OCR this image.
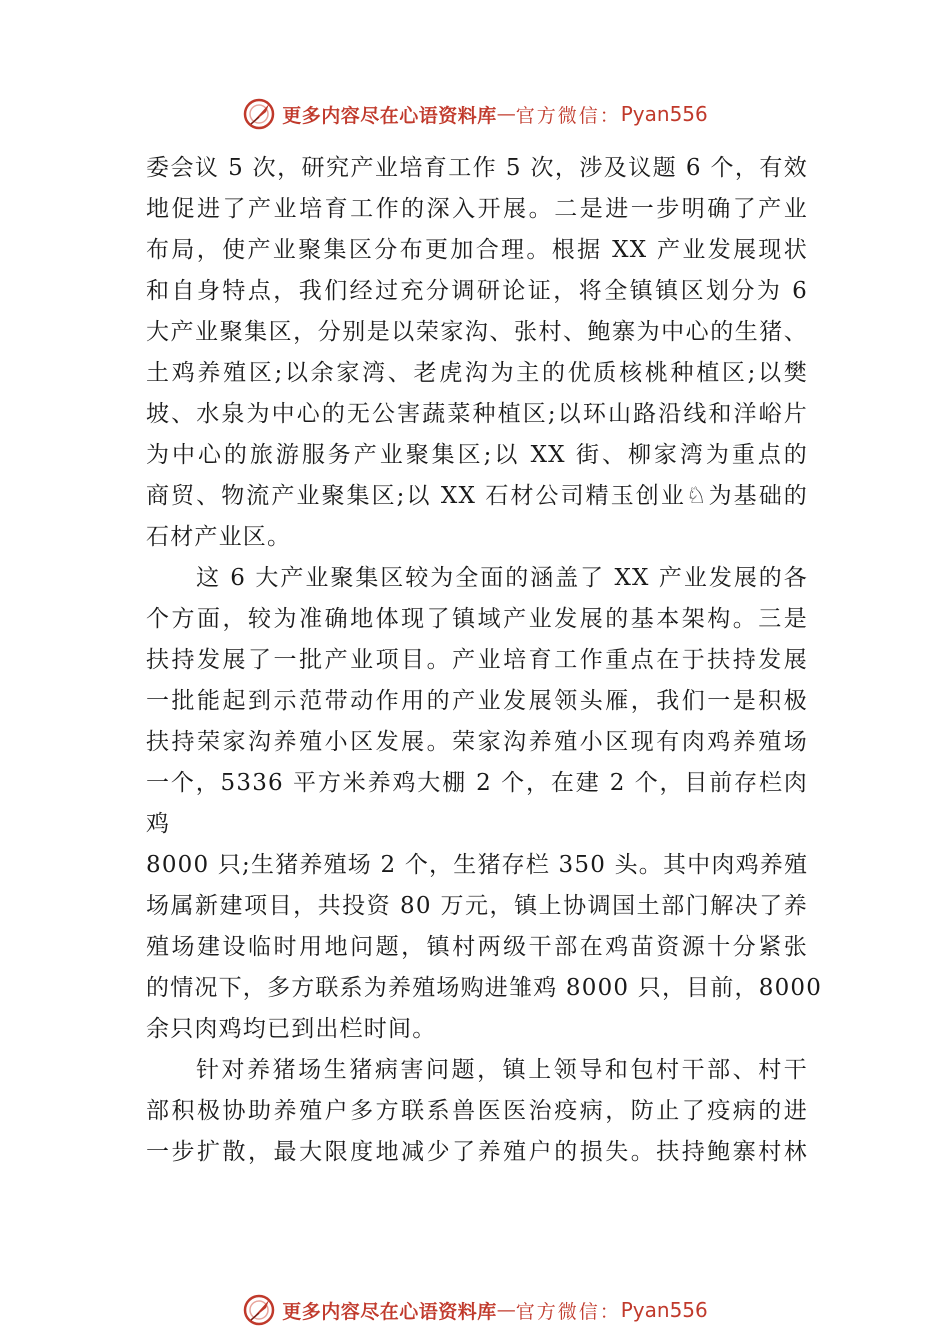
更多内容尽在心语资料库 — 官方微信： Pyan556
委会议 5 次，研究产业培育工作 5 次，涉及议题 6 个，有效
地促进了产业培育工作的深入开展。二是进一步明确了产业
布局，使产业聚集区分布更加合理。根据 XX 产业发展现状
和自身特点，我们经过充分调研论证，将全镇镇区划分为 6
大产业聚集区，分别是以荣家沟、张村、鲍寨为中心的生猪、
土鸡养殖区;以余家湾、老虎沟为主的优质核桃种植区;以樊
坡、水泉为中心的无公害蔬菜种植区;以环山路沿线和洋峪片
为中心的旅游服务产业聚集区;以 XX 街、柳家湾为重点的
商贸、物流产业聚集区;以 XX 石材公司精玉创业♘为基础的
石材产业区。
这 6 大产业聚集区较为全面的涵盖了 XX 产业发展的各
个方面，较为准确地体现了镇域产业发展的基本架构。三是
扶持发展了一批产业项目。产业培育工作重点在于扶持发展
一批能起到示范带动作用的产业发展领头雁，我们一是积极
扶持荣家沟养殖小区发展。荣家沟养殖小区现有肉鸡养殖场
一个，5336 平方米养鸡大棚 2 个，在建 2 个，目前存栏肉
鸡
8000 只;生猪养殖场 2 个，生猪存栏 350 头。其中肉鸡养殖
场属新建项目，共投资 80 万元，镇上协调国土部门解决了养
殖场建设临时用地问题，镇村两级干部在鸡苗资源十分紧张
的情况下，多方联系为养殖场购进雏鸡 8000 只，目前，8000
余只肉鸡均已到出栏时间。
针对养猪场生猪病害问题，镇上领导和包村干部、村干
部积极协助养殖户多方联系兽医医治疫病，防止了疫病的进
一步扩散，最大限度地减少了养殖户的损失。扶持鲍寨村林
更多内容尽在心语资料库 — 官方微信： Pyan556
